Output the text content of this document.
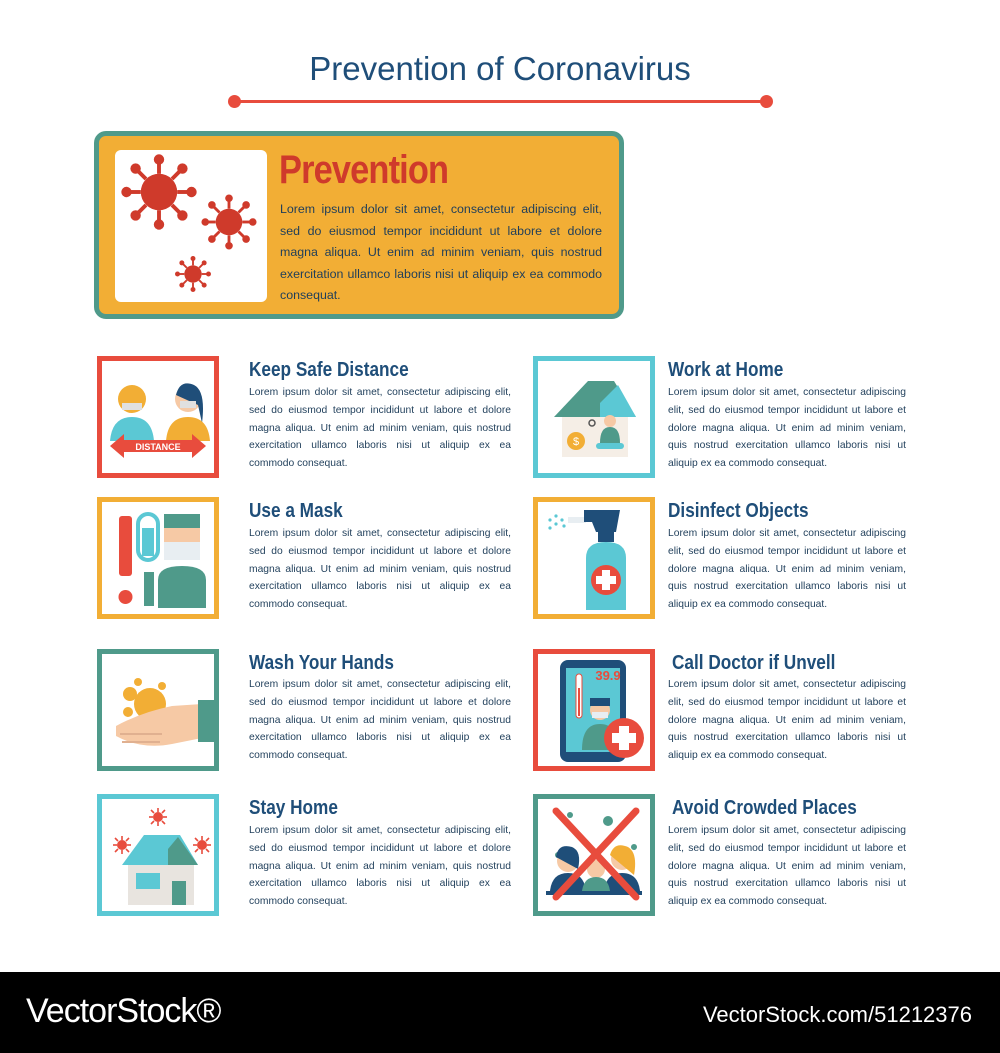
Prevention of Coronavirus
Prevention

Lorem ipsum dolor sit amet, consectetur adipiscing elit, sed do eiusmod tempor incididunt ut labore et dolore magna aliqua. Ut enim ad minim veniam, quis nostrud exercitation ullamco laboris nisi ut aliquip ex ea commodo consequat.

DISTANCE
Keep Safe Distance

Lorem ipsum dolor sit amet, consectetur adipiscing elit, sed do eiusmod tempor incididunt ut labore et dolore magna aliqua. Ut enim ad minim veniam, quis nostrud exercitation ullamco laboris nisi ut aliquip ex ea commodo consequat.

$
Work at Home

Lorem ipsum dolor sit amet, consectetur adipiscing elit, sed do eiusmod tempor incididunt ut labore et dolore magna aliqua. Ut enim ad minim veniam, quis nostrud exercitation ullamco laboris nisi ut aliquip ex ea commodo consequat.

Use a Mask

Lorem ipsum dolor sit amet, consectetur adipiscing elit, sed do eiusmod tempor incididunt ut labore et dolore magna aliqua. Ut enim ad minim veniam, quis nostrud exercitation ullamco laboris nisi ut aliquip ex ea commodo consequat.

Disinfect Objects

Lorem ipsum dolor sit amet, consectetur adipiscing elit, sed do eiusmod tempor incididunt ut labore et dolore magna aliqua. Ut enim ad minim veniam, quis nostrud exercitation ullamco laboris nisi ut aliquip ex ea commodo consequat.

Wash Your Hands

Lorem ipsum dolor sit amet, consectetur adipiscing elit, sed do eiusmod tempor incididunt ut labore et dolore magna aliqua. Ut enim ad minim veniam, quis nostrud exercitation ullamco laboris nisi ut aliquip ex ea commodo consequat.

39.9
Call Doctor if Unvell

Lorem ipsum dolor sit amet, consectetur adipiscing elit, sed do eiusmod tempor incididunt ut labore et dolore magna aliqua. Ut enim ad minim veniam, quis nostrud exercitation ullamco laboris nisi ut aliquip ex ea commodo consequat.

Stay Home

Lorem ipsum dolor sit amet, consectetur adipiscing elit, sed do eiusmod tempor incididunt ut labore et dolore magna aliqua. Ut enim ad minim veniam, quis nostrud exercitation ullamco laboris nisi ut aliquip ex ea commodo consequat.

Avoid Crowded Places

Lorem ipsum dolor sit amet, consectetur adipiscing elit, sed do eiusmod tempor incididunt ut labore et dolore magna aliqua. Ut enim ad minim veniam, quis nostrud exercitation ullamco laboris nisi ut aliquip ex ea commodo consequat.

VectorStock®	VectorStock.com/51212376
